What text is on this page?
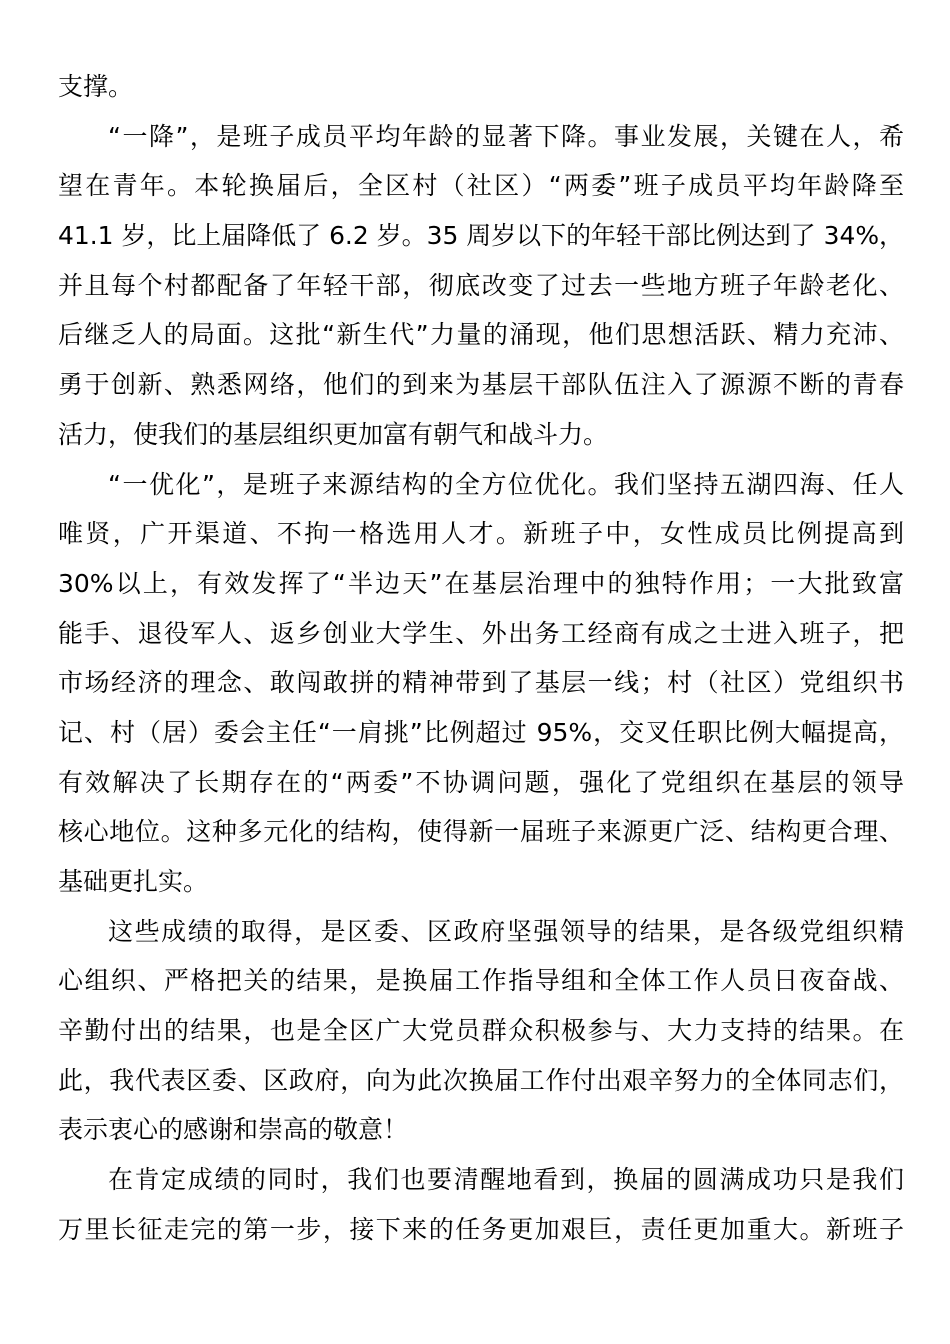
支撑。
“一降”，是班子成员平均年龄的显著下降。事业发展，关键在人，希
望在青年。本轮换届后，全区村（社区）“两委”班子成员平均年龄降至
41.1 岁，比上届降低了 6.2 岁。35 周岁以下的年轻干部比例达到了 34%，
并且每个村都配备了年轻干部，彻底改变了过去一些地方班子年龄老化、
后继乏人的局面。这批“新生代”力量的涌现，他们思想活跃、精力充沛、
勇于创新、熟悉网络，他们的到来为基层干部队伍注入了源源不断的青春
活力，使我们的基层组织更加富有朝气和战斗力。
“一优化”，是班子来源结构的全方位优化。我们坚持五湖四海、任人
唯贤，广开渠道、不拘一格选用人才。新班子中，女性成员比例提高到
30%以上，有效发挥了“半边天”在基层治理中的独特作用；一大批致富
能手、退役军人、返乡创业大学生、外出务工经商有成之士进入班子，把
市场经济的理念、敢闯敢拼的精神带到了基层一线；村（社区）党组织书
记、村（居）委会主任“一肩挑”比例超过 95%，交叉任职比例大幅提高，
有效解决了长期存在的“两委”不协调问题，强化了党组织在基层的领导
核心地位。这种多元化的结构，使得新一届班子来源更广泛、结构更合理、
基础更扎实。
这些成绩的取得，是区委、区政府坚强领导的结果，是各级党组织精
心组织、严格把关的结果，是换届工作指导组和全体工作人员日夜奋战、
辛勤付出的结果，也是全区广大党员群众积极参与、大力支持的结果。在
此，我代表区委、区政府，向为此次换届工作付出艰辛努力的全体同志们，
表示衷心的感谢和崇高的敬意！
在肯定成绩的同时，我们也要清醒地看到，换届的圆满成功只是我们
万里长征走完的第一步，接下来的任务更加艰巨，责任更加重大。新班子
